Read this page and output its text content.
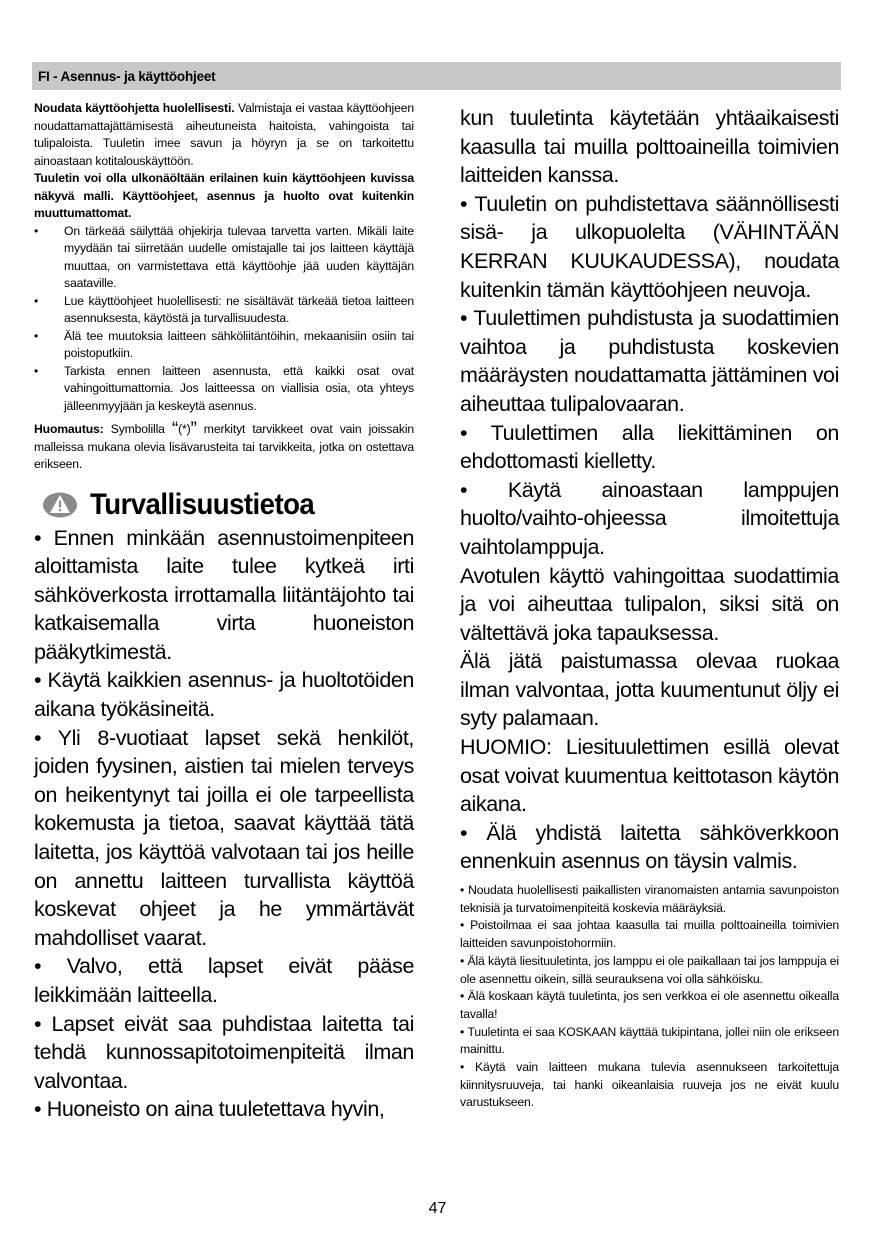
FI - Asennus- ja käyttöohjeet

Noudata käyttöohjetta huolellisesti. Valmistaja ei vastaa käyttöohjeen noudattamattajättämisestä aiheutuneista haitoista, vahingoista tai tulipaloista. Tuuletin imee savun ja höyryn ja se on tarkoitettu ainoastaan kotitalouskäyttöön.

Tuuletin voi olla ulkonäöltään erilainen kuin käyttöohjeen kuvissa näkyvä malli. Käyttöohjeet, asennus ja huolto ovat kuitenkin muuttumattomat.

•	On tärkeää säilyttää ohjekirja tulevaa tarvetta varten. Mikäli laite myydään tai siirretään uudelle omistajalle tai jos laitteen käyttäjä muuttaa, on varmistettava että käyttöohje jää uuden käyttäjän saataville.
•	Lue käyttöohjeet huolellisesti: ne sisältävät tärkeää tietoa laitteen asennuksesta, käytöstä ja turvallisuudesta.
•	Älä tee muutoksia laitteen sähköliitäntöihin, mekaanisiin osiin tai poistoputkiin.
•	Tarkista ennen laitteen asennusta, että kaikki osat ovat vahingoittumattomia. Jos laitteessa on viallisia osia, ota yhteys jälleenmyyjään ja keskeytä asennus.

Huomautus: Symbolilla “(*)” merkityt tarvikkeet ovat vain joissakin malleissa mukana olevia lisävarusteita tai tarvikkeita, jotka on ostettava erikseen.

Turvallisuustietoa

• Ennen minkään asennustoimenpiteen aloittamista laite tulee kytkeä irti sähköverkosta irrottamalla liitäntäjohto tai katkaisemalla virta huoneiston pääkytkimestä.

• Käytä kaikkien asennus- ja huoltotöiden aikana työkäsineitä.

• Yli 8-vuotiaat lapset sekä henkilöt, joiden fyysinen, aistien tai mielen terveys on heikentynyt tai joilla ei ole tarpeellista kokemusta ja tietoa, saavat käyttää tätä laitetta, jos käyttöä valvotaan tai jos heille on annettu laitteen turvallista käyttöä koskevat ohjeet ja he ymmärtävät mahdolliset vaarat.

• Valvo, että lapset eivät pääse leikkimään laitteella.

• Lapset eivät saa puhdistaa laitetta tai tehdä kunnossapitotoimenpiteitä ilman valvontaa.

• Huoneisto on aina tuuletettava hyvin,

kun tuuletinta käytetään yhtäaikaisesti kaasulla tai muilla polttoaineilla toimivien laitteiden kanssa.

• Tuuletin on puhdistettava säännöllisesti sisä- ja ulkopuolelta (VÄHINTÄÄN KERRAN KUUKAUDESSA), noudata kuitenkin tämän käyttöohjeen neuvoja.

• Tuulettimen puhdistusta ja suodattimien vaihtoa ja puhdistusta koskevien määräysten noudattamatta jättäminen voi aiheuttaa tulipalovaaran.

• Tuulettimen alla liekittäminen on ehdottomasti kielletty.

• Käytä ainoastaan lamppujen huolto/vaihto-ohjeessa ilmoitettuja vaihtolamppuja.

Avotulen käyttö vahingoittaa suodattimia ja voi aiheuttaa tulipalon, siksi sitä on vältettävä joka tapauksessa.

Älä jätä paistumassa olevaa ruokaa ilman valvontaa, jotta kuumentunut öljy ei syty palamaan.

HUOMIO: Liesituulettimen esillä olevat osat voivat kuumentua keittotason käytön aikana.

• Älä yhdistä laitetta sähköverkkoon ennenkuin asennus on täysin valmis.

• Noudata huolellisesti paikallisten viranomaisten antamia savunpoiston teknisiä ja turvatoimenpiteitä koskevia määräyksiä.

• Poistoilmaa ei saa johtaa kaasulla tai muilla polttoaineilla toimivien laitteiden savunpoistohormiin.

• Älä käytä liesituuletinta, jos lamppu ei ole paikallaan tai jos lamppuja ei ole asennettu oikein, sillä seurauksena voi olla sähköisku.

• Älä koskaan käytä tuuletinta, jos sen verkkoa ei ole asennettu oikealla tavalla!

• Tuuletinta ei saa KOSKAAN käyttää tukipintana, jollei niin ole erikseen mainittu.

• Käytä vain laitteen mukana tulevia asennukseen tarkoitettuja kiinnitysruuveja, tai hanki oikeanlaisia ruuveja jos ne eivät kuulu varustukseen.

47
